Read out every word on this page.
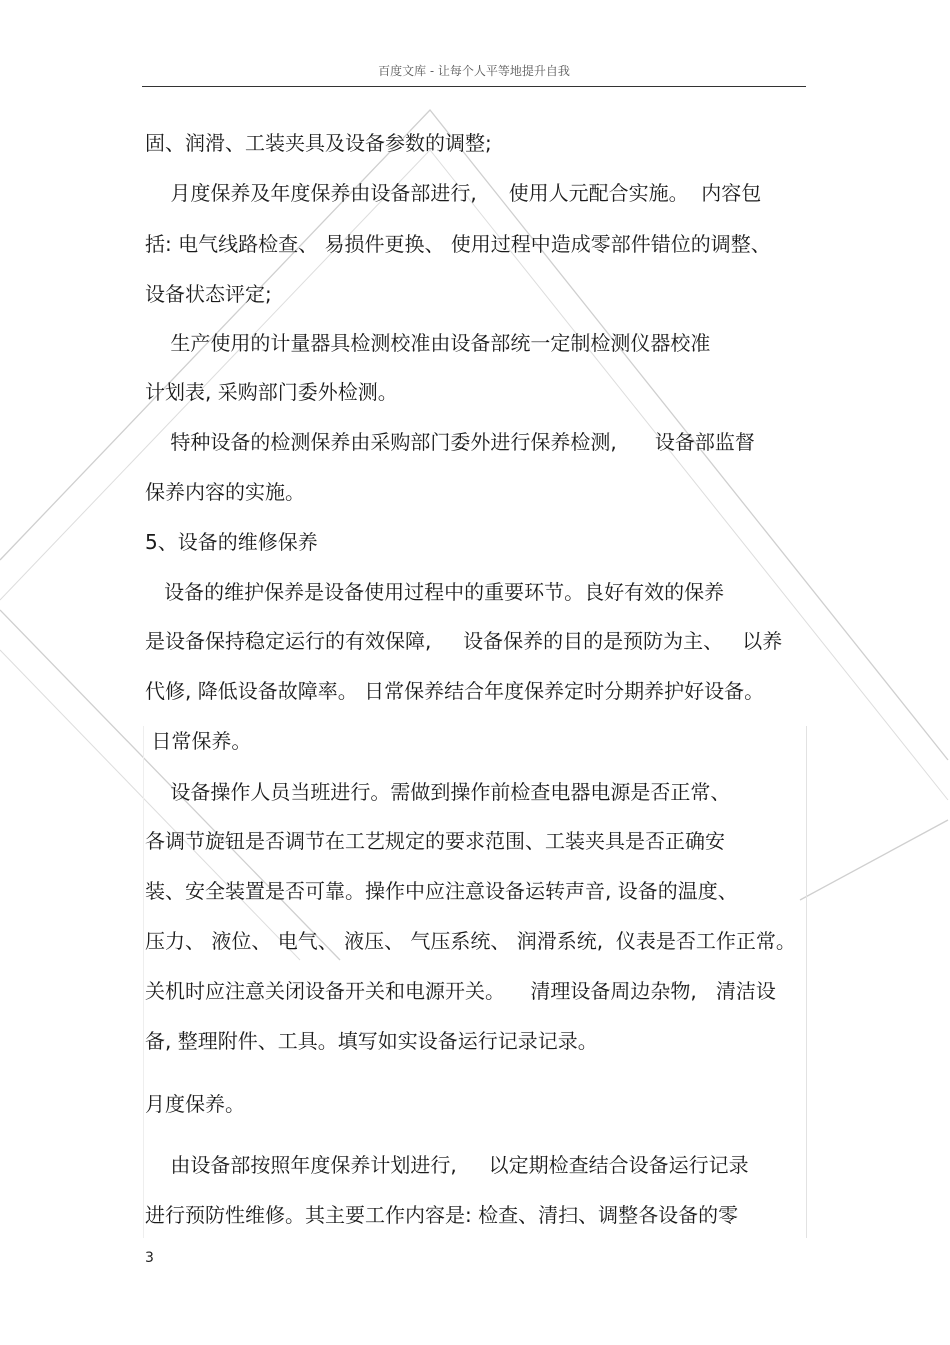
百度文库 - 让每个人平等地提升自我
固、润滑、工装夹具及设备参数的调整;
月度保养及年度保养由设备部进行,     使用人元配合实施。  内容包
括: 电气线路检查、 易损件更换、 使用过程中造成零部件错位的调整、
设备状态评定;
生产使用的计量器具检测校准由设备部统一定制检测仪器校准
计划表, 采购部门委外检测。
特种设备的检测保养由采购部门委外进行保养检测,      设备部监督
保养内容的实施。
5、设备的维修保养
设备的维护保养是设备使用过程中的重要环节。良好有效的保养
是设备保持稳定运行的有效保障,     设备保养的目的是预防为主、   以养
代修, 降低设备故障率。 日常保养结合年度保养定时分期养护好设备。
日常保养。
设备操作人员当班进行。需做到操作前检查电器电源是否正常、
各调节旋钮是否调节在工艺规定的要求范围、工装夹具是否正确安
装、安全装置是否可靠。操作中应注意设备运转声音, 设备的温度、
压力、 液位、 电气、 液压、 气压系统、 润滑系统,  仪表是否工作正常。
关机时应注意关闭设备开关和电源开关。    清理设备周边杂物,   清洁设
备, 整理附件、工具。填写如实设备运行记录记录。
月度保养。
由设备部按照年度保养计划进行,     以定期检查结合设备运行记录
进行预防性维修。其主要工作内容是: 检查、清扫、调整各设备的零
3
